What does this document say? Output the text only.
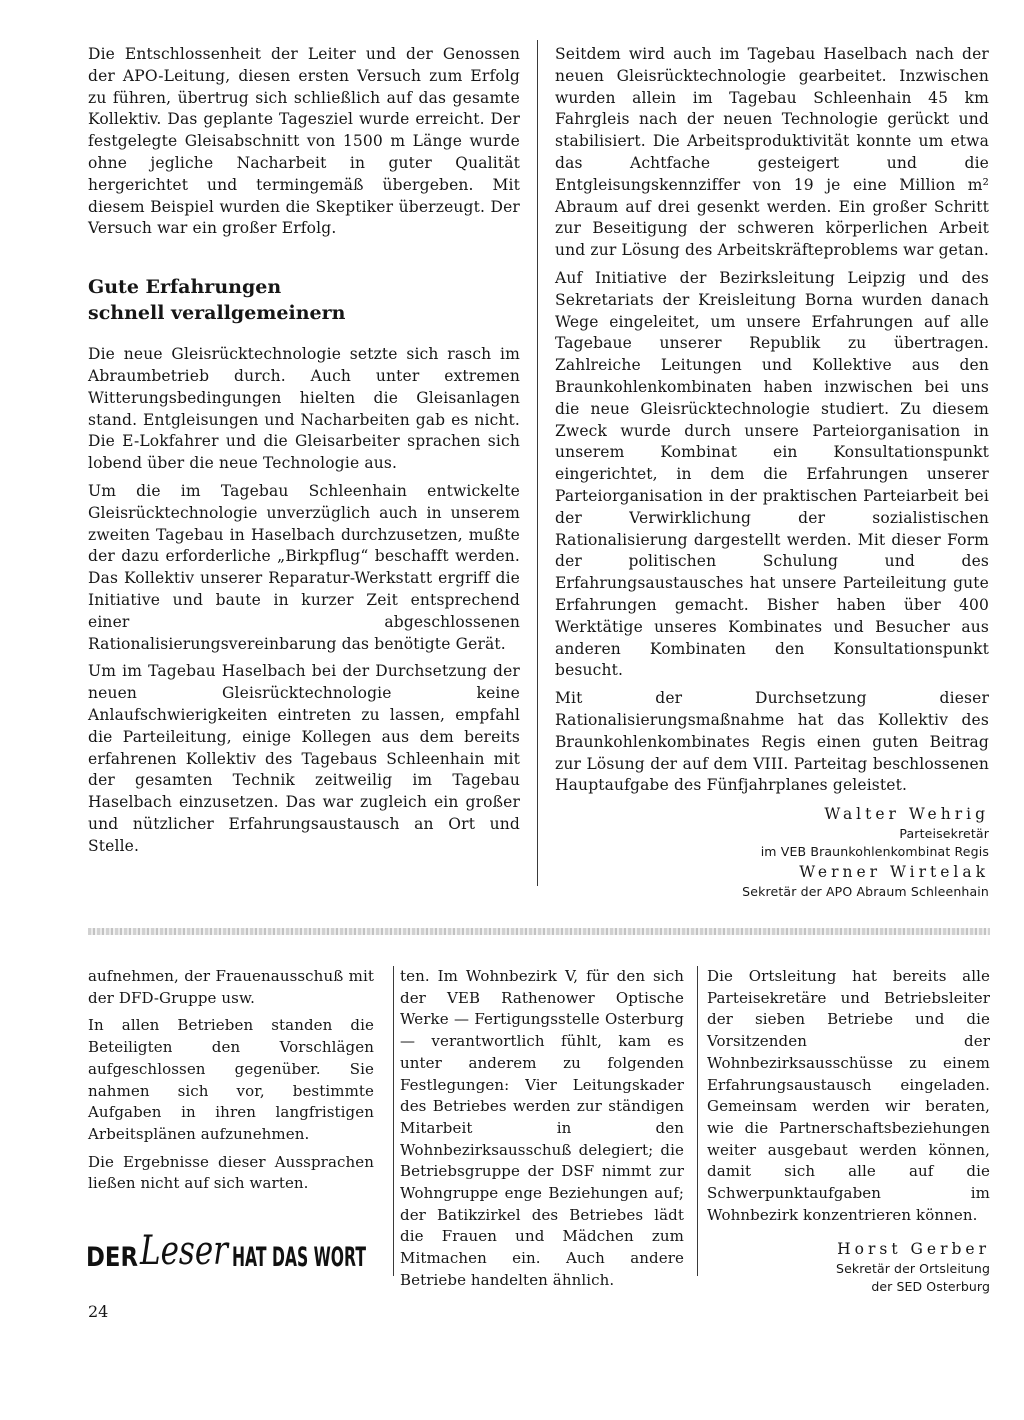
Die Entschlossenheit der Leiter und der Genossen der APO-Leitung, diesen ersten Versuch zum Erfolg zu führen, übertrug sich schließlich auf das gesamte Kollektiv. Das geplante Tagesziel wurde erreicht. Der festgelegte Gleisabschnitt von 1500 m Länge wurde ohne jegliche Nacharbeit in guter Qualität hergerichtet und termingemäß übergeben. Mit diesem Beispiel wurden die Skeptiker überzeugt. Der Versuch war ein großer Erfolg.

Gute Erfahrungen
schnell verallgemeinern

Die neue Gleisrücktechnologie setzte sich rasch im Abraumbetrieb durch. Auch unter extremen Witterungsbedingungen hielten die Gleisanlagen stand. Entgleisungen und Nacharbeiten gab es nicht. Die E-Lokfahrer und die Gleisarbeiter sprachen sich lobend über die neue Technologie aus.

Um die im Tagebau Schleenhain entwickelte Gleisrücktechnologie unverzüglich auch in unserem zweiten Tagebau in Haselbach durchzusetzen, mußte der dazu erforderliche „Birkpflug“ beschafft werden. Das Kollektiv unserer Reparatur-Werkstatt ergriff die Initiative und baute in kurzer Zeit entsprechend einer abgeschlossenen Rationalisierungsvereinbarung das benötigte Gerät.

Um im Tagebau Haselbach bei der Durchsetzung der neuen Gleisrücktechnologie keine Anlaufschwierigkeiten eintreten zu lassen, empfahl die Parteileitung, einige Kollegen aus dem bereits erfahrenen Kollektiv des Tagebaus Schleenhain mit der gesamten Technik zeitweilig im Tagebau Haselbach einzusetzen. Das war zugleich ein großer und nützlicher Erfahrungsaustausch an Ort und Stelle.

Seitdem wird auch im Tagebau Haselbach nach der neuen Gleisrücktechnologie gearbeitet. Inzwischen wurden allein im Tagebau Schleenhain 45 km Fahrgleis nach der neuen Technologie gerückt und stabilisiert. Die Arbeitsproduktivität konnte um etwa das Achtfache gesteigert und die Entgleisungskennziffer von 19 je eine Million m² Abraum auf drei gesenkt werden. Ein großer Schritt zur Beseitigung der schweren körperlichen Arbeit und zur Lösung des Arbeitskräfteproblems war getan.

Auf Initiative der Bezirksleitung Leipzig und des Sekretariats der Kreisleitung Borna wurden danach Wege eingeleitet, um unsere Erfahrungen auf alle Tagebaue unserer Republik zu übertragen. Zahlreiche Leitungen und Kollektive aus den Braunkohlenkombinaten haben inzwischen bei uns die neue Gleisrücktechnologie studiert. Zu diesem Zweck wurde durch unsere Parteiorganisation in unserem Kombinat ein Konsultationspunkt eingerichtet, in dem die Erfahrungen unserer Parteiorganisation in der praktischen Parteiarbeit bei der Verwirklichung der sozialistischen Rationalisierung dargestellt werden. Mit dieser Form der politischen Schulung und des Erfahrungsaustausches hat unsere Parteileitung gute Erfahrungen gemacht. Bisher haben über 400 Werktätige unseres Kombinates und Besucher aus anderen Kombinaten den Konsultationspunkt besucht.

Mit der Durchsetzung dieser Rationalisierungsmaßnahme hat das Kollektiv des Braunkohlenkombinates Regis einen guten Beitrag zur Lösung der auf dem VIII. Parteitag beschlossenen Hauptaufgabe des Fünfjahrplanes geleistet.

Walter Wehrig
Parteisekretär
im VEB Braunkohlenkombinat Regis
Werner Wirtelak
Sekretär der APO Abraum Schleenhain

aufnehmen, der Frauenausschuß mit der DFD-Gruppe usw.

In allen Betrieben standen die Beteiligten den Vorschlägen aufgeschlossen gegenüber. Sie nahmen sich vor, bestimmte Aufgaben in ihren langfristigen Arbeitsplänen aufzunehmen.

Die Ergebnisse dieser Aussprachen ließen nicht auf sich warten.

ten. Im Wohnbezirk V, für den sich der VEB Rathenower Optische Werke — Fertigungsstelle Osterburg — verantwortlich fühlt, kam es unter anderem zu folgenden Festlegungen: Vier Leitungskader des Betriebes werden zur ständigen Mitarbeit in den Wohnbezirksausschuß delegiert; die Betriebsgruppe der DSF nimmt zur Wohngruppe enge Beziehungen auf; der Batikzirkel des Betriebes lädt die Frauen und Mädchen zum Mitmachen ein. Auch andere Betriebe handelten ähnlich.

Die Ortsleitung hat bereits alle Parteisekretäre und Betriebsleiter der sieben Betriebe und die Vorsitzenden der Wohnbezirksausschüsse zu einem Erfahrungsaustausch eingeladen. Gemeinsam werden wir beraten, wie die Partnerschaftsbeziehungen weiter ausgebaut werden können, damit sich alle auf die Schwerpunktaufgaben im Wohnbezirk konzentrieren können.

Horst Gerber
Sekretär der Ortsleitung
der SED Osterburg
DER Leser HAT DAS WORT
24
